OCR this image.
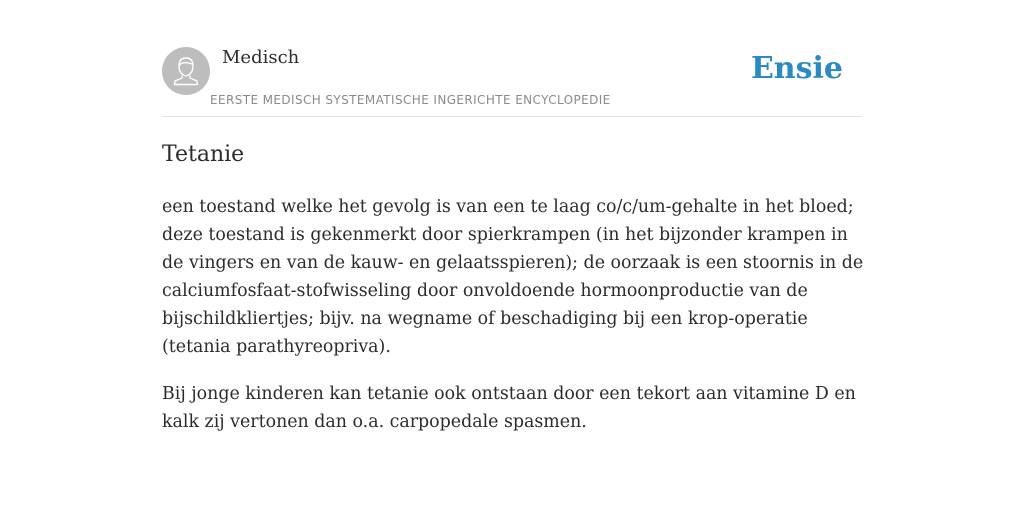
Medisch
EERSTE MEDISCH SYSTEMATISCHE INGERICHTE ENCYCLOPEDIE
Ensie
Tetanie

een toestand welke het gevolg is van een te laag co/c/um-gehalte in het bloed; deze toestand is gekenmerkt door spierkrampen (in het bijzonder krampen in de vingers en van de kauw- en gelaatsspieren); de oorzaak is een stoornis in de calciumfosfaat-stofwisseling door onvoldoende hormoonproductie van de bijschildkliertjes; bijv. na wegname of beschadiging bij een krop-operatie (tetania parathyreopriva).

Bij jonge kinderen kan tetanie ook ontstaan door een tekort aan vitamine D en kalk zij vertonen dan o.a. carpopedale spasmen.
